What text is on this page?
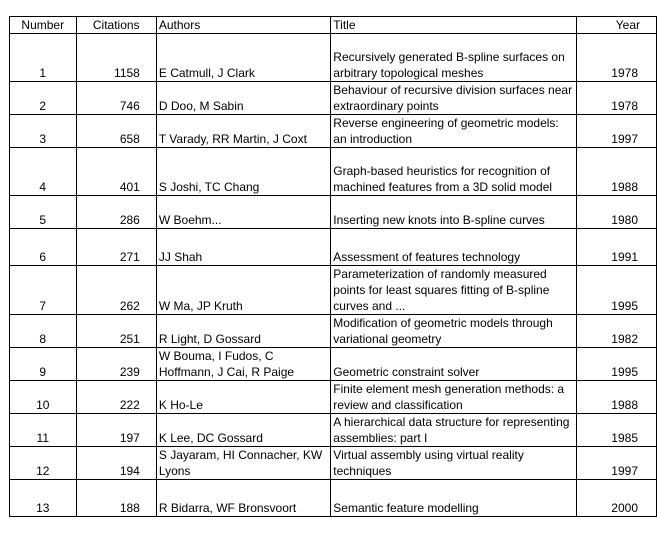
Number	Citations	Authors	Title	Year
1	1158	E Catmull, J Clark	Recursively generated B-spline surfaces on arbitrary topological meshes	1978
2	746	D Doo, M Sabin	Behaviour of recursive division surfaces near extraordinary points	1978
3	658	T Varady, RR Martin, J Coxt	Reverse engineering of geometric models: an introduction	1997
4	401	S Joshi, TC Chang	Graph-based heuristics for recognition of machined features from a 3D solid model	1988
5	286	W Boehm...	Inserting new knots into B-spline curves	1980
6	271	JJ Shah	Assessment of features technology	1991
7	262	W Ma, JP Kruth	Parameterization of randomly measured points for least squares fitting of B-spline curves and ...	1995
8	251	R Light, D Gossard	Modification of geometric models through variational geometry	1982
9	239	W Bouma, I Fudos, C Hoffmann, J Cai, R Paige	Geometric constraint solver	1995
10	222	K Ho-Le	Finite element mesh generation methods: a review and classification	1988
11	197	K Lee, DC Gossard	A hierarchical data structure for representing assemblies: part I	1985
12	194	S Jayaram, HI Connacher, KW Lyons	Virtual assembly using virtual reality techniques	1997
13	188	R Bidarra, WF Bronsvoort	Semantic feature modelling	2000
